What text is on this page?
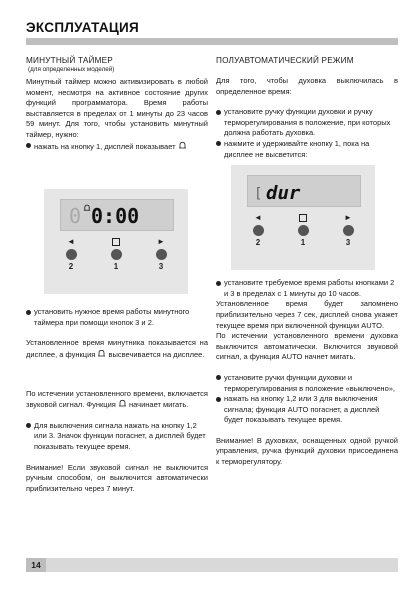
ЭКСПЛУАТАЦИЯ

МИНУТНЫЙ ТАЙМЕР

(для определенных моделей)

Минутный таймер можно активизировать в любой момент, несмотря на активное состояние других функций программатора. Время работы выставляется в пределах от 1 минуты до 23 часов 59 минут. Для того, чтобы установить минутный таймер, нужно:

нажать на кнопку 1, дисплей показывает
установить нужное время работы минутного таймера при помощи кнопок 3 и 2.

Установленное время минутника показывается на дисплее, а функция высвечивается на дисплее.

По истечении установленного времени, включается звуковой сигнал. Функция начинает мигать.

Для выключения сигнала нажать на кнопку 1,2 или 3. Значок функции погаснет, а дисплей будет показывать текущее время.

Внимание! Если звуковой сигнал не выключится ручным способом, он выключится автоматически приблизительно через 7 минут.

ПОЛУАВТОМАТИЧЕСКИЙ РЕЖИМ

Для того, чтобы духовка выключилась в определенное время:

установите ручку функции духовки и ручку терморегулирования в положение, при которых должна работать духовка.
нажмите и удерживайте кнопку 1, пока на дисплее не высветится:
установите требуемое время работы кнопками 2 и 3 в пределах с 1 минуты до 10 часов.

Установленное время будет запомнено приблизительно через 7 сек, дисплей снова укажет текущее время при включенной функции AUTO.

По истечении установленного времени духовка выключится автоматически. Включится звуковой сигнал, а функция AUTO начнет мигать.

установите ручки функции духовки и терморегулирования в положение «выключено»,
нажать на кнопку 1,2 или 3 для выключения сигнала; функция AUTO погаснет, а дисплей будет показывать текущее время.

Внимание! В духовках, оснащенных одной ручкой управления, ручка функций духовки присоединена к терморегулятору.

0 0:00
◄
2	1
►
3
[ dur
◄
2	1
►
3
14
